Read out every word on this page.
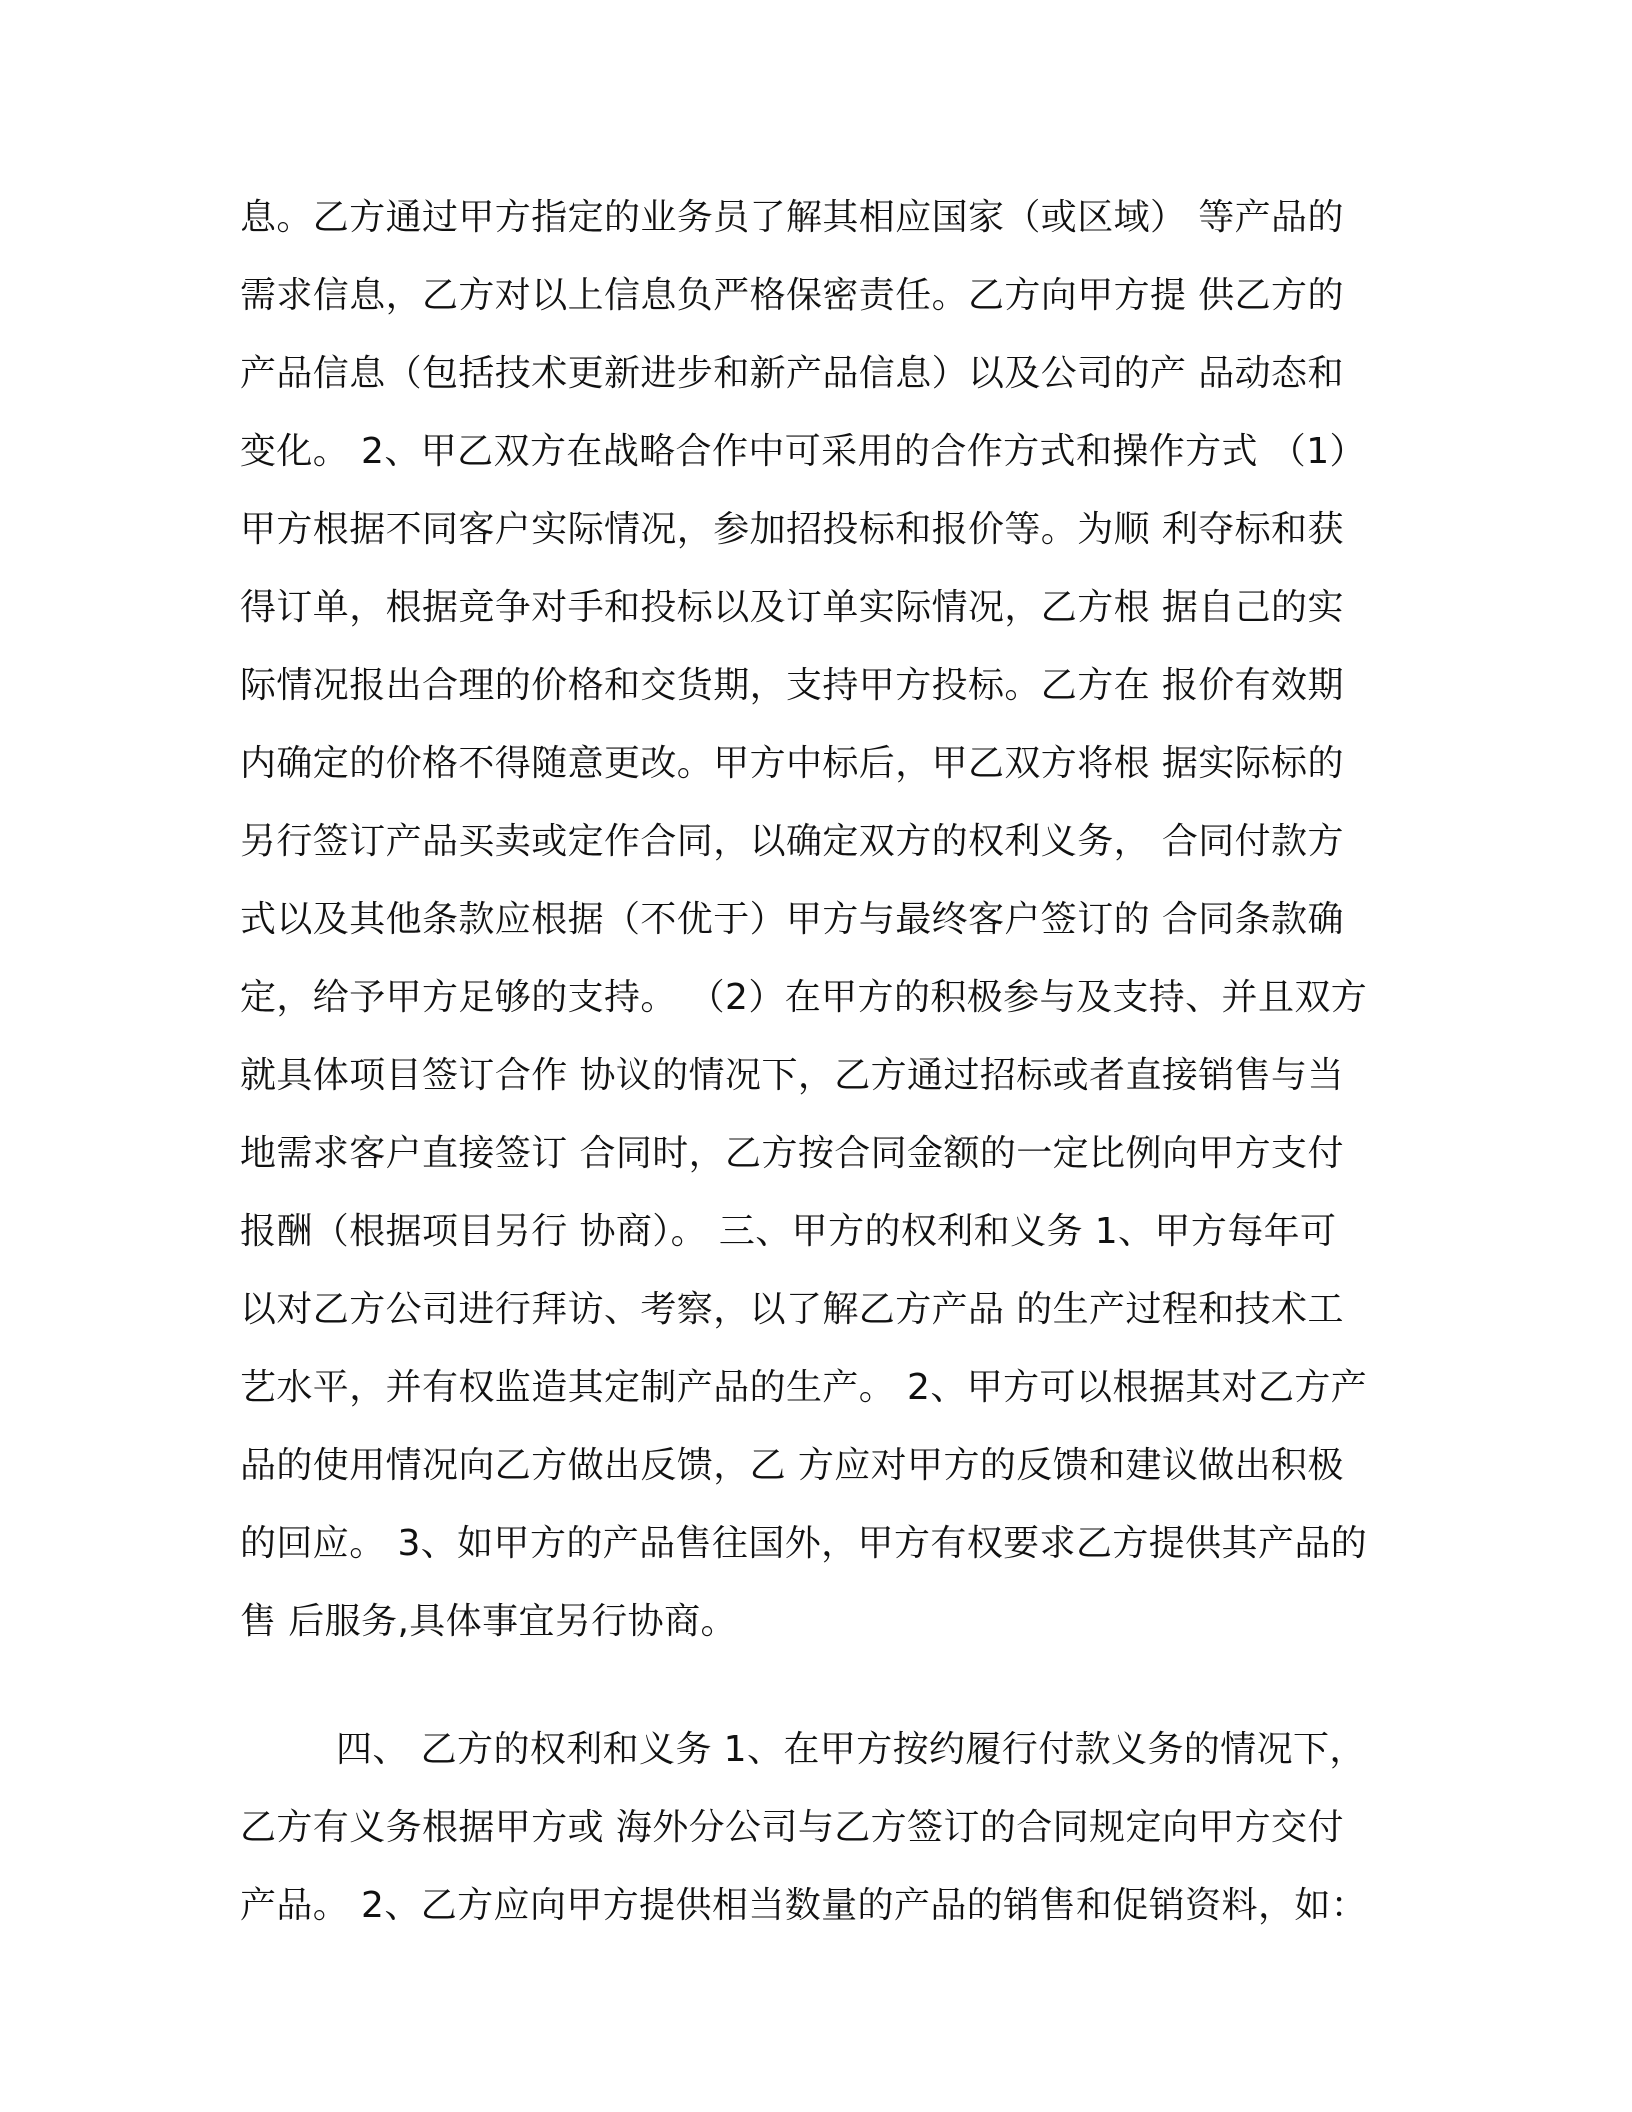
息。乙方通过甲方指定的业务员了解其相应国家（或区域） 等产品的
需求信息，乙方对以上信息负严格保密责任。乙方向甲方提 供乙方的
产品信息（包括技术更新进步和新产品信息）以及公司的产 品动态和
变化。 2、甲乙双方在战略合作中可采用的合作方式和操作方式 （1）
甲方根据不同客户实际情况，参加招投标和报价等。为顺 利夺标和获
得订单，根据竞争对手和投标以及订单实际情况，乙方根 据自己的实
际情况报出合理的价格和交货期，支持甲方投标。乙方在 报价有效期
内确定的价格不得随意更改。甲方中标后，甲乙双方将根 据实际标的
另行签订产品买卖或定作合同，以确定双方的权利义务， 合同付款方
式以及其他条款应根据（不优于）甲方与最终客户签订的 合同条款确
定，给予甲方足够的支持。 （2）在甲方的积极参与及支持、并且双方
就具体项目签订合作 协议的情况下，乙方通过招标或者直接销售与当
地需求客户直接签订 合同时，乙方按合同金额的一定比例向甲方支付
报酬（根据项目另行 协商）。 三、甲方的权利和义务 1、甲方每年可
以对乙方公司进行拜访、考察，以了解乙方产品 的生产过程和技术工
艺水平，并有权监造其定制产品的生产。 2、甲方可以根据其对乙方产
品的使用情况向乙方做出反馈，乙 方应对甲方的反馈和建议做出积极
的回应。 3、如甲方的产品售往国外，甲方有权要求乙方提供其产品的
售 后服务,具体事宜另行协商。
四、 乙方的权利和义务 1、在甲方按约履行付款义务的情况下，
乙方有义务根据甲方或 海外分公司与乙方签订的合同规定向甲方交付
产品。 2、乙方应向甲方提供相当数量的产品的销售和促销资料，如：
